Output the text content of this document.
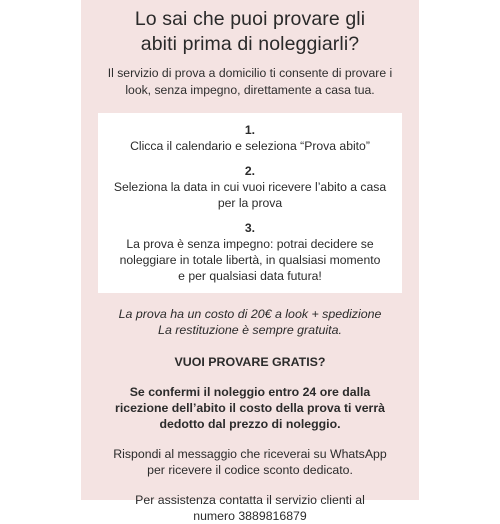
Lo sai che puoi provare gli
abiti prima di noleggiarli?

Il servizio di prova a domicilio ti consente di provare i
look, senza impegno, direttamente a casa tua.

1.
Clicca il calendario e seleziona “Prova abito”
2.
Seleziona la data in cui vuoi ricevere l’abito a casa
per la prova
3.
La prova è senza impegno: potrai decidere se
noleggiare in totale libertà, in qualsiasi momento
e per qualsiasi data futura!

La prova ha un costo di 20€ a look + spedizione
La restituzione è sempre gratuita.

VUOI PROVARE GRATIS?

Se confermi il noleggio entro 24 ore dalla
ricezione dell’abito il costo della prova ti verrà
dedotto dal prezzo di noleggio.

Rispondi al messaggio che riceverai su WhatsApp
per ricevere il codice sconto dedicato.

Per assistenza contatta il servizio clienti al
numero 3889816879
